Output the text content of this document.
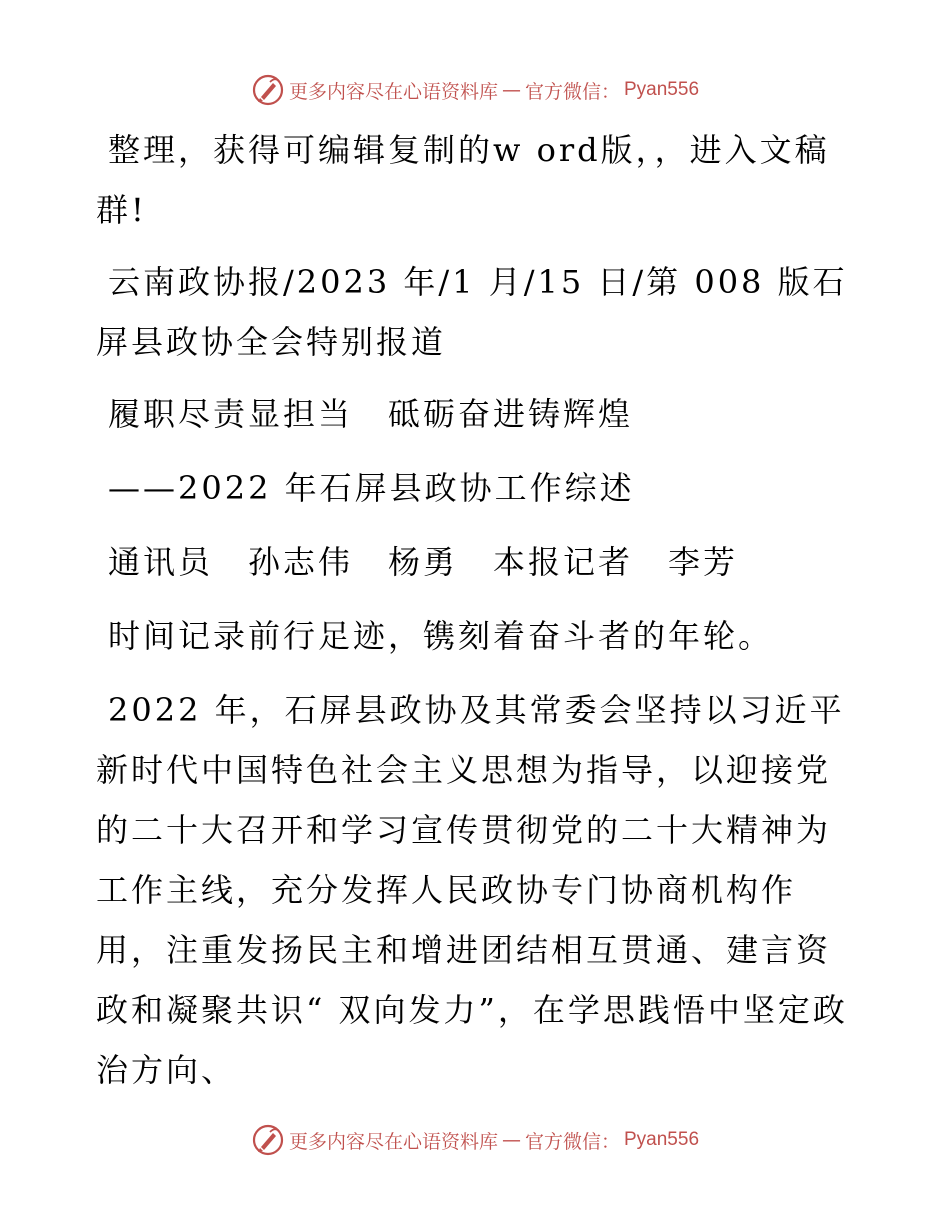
更多内容尽在心语资料库 — 官方微信： Pyan556

整理，获得可编辑复制的w ord版，，进入文稿群!

云南政协报/2023 年/1 月/15 日/第 008 版石屏县政协全会特别报道

履职尽责显担当　砥砺奋进铸辉煌

——2022 年石屏县政协工作综述

通讯员　孙志伟　杨勇　本报记者　李芳

时间记录前行足迹，镌刻着奋斗者的年轮。

2022 年，石屏县政协及其常委会坚持以习近平新时代中国特色社会主义思想为指导，以迎接党的二十大召开和学习宣传贯彻党的二十大精神为工作主线，充分发挥人民政协专门协商机构作用，注重发扬民主和增进团结相互贯通、建言资政和凝聚共识“ 双向发力”，在学思践悟中坚定政治方向、

更多内容尽在心语资料库 — 官方微信： Pyan556
